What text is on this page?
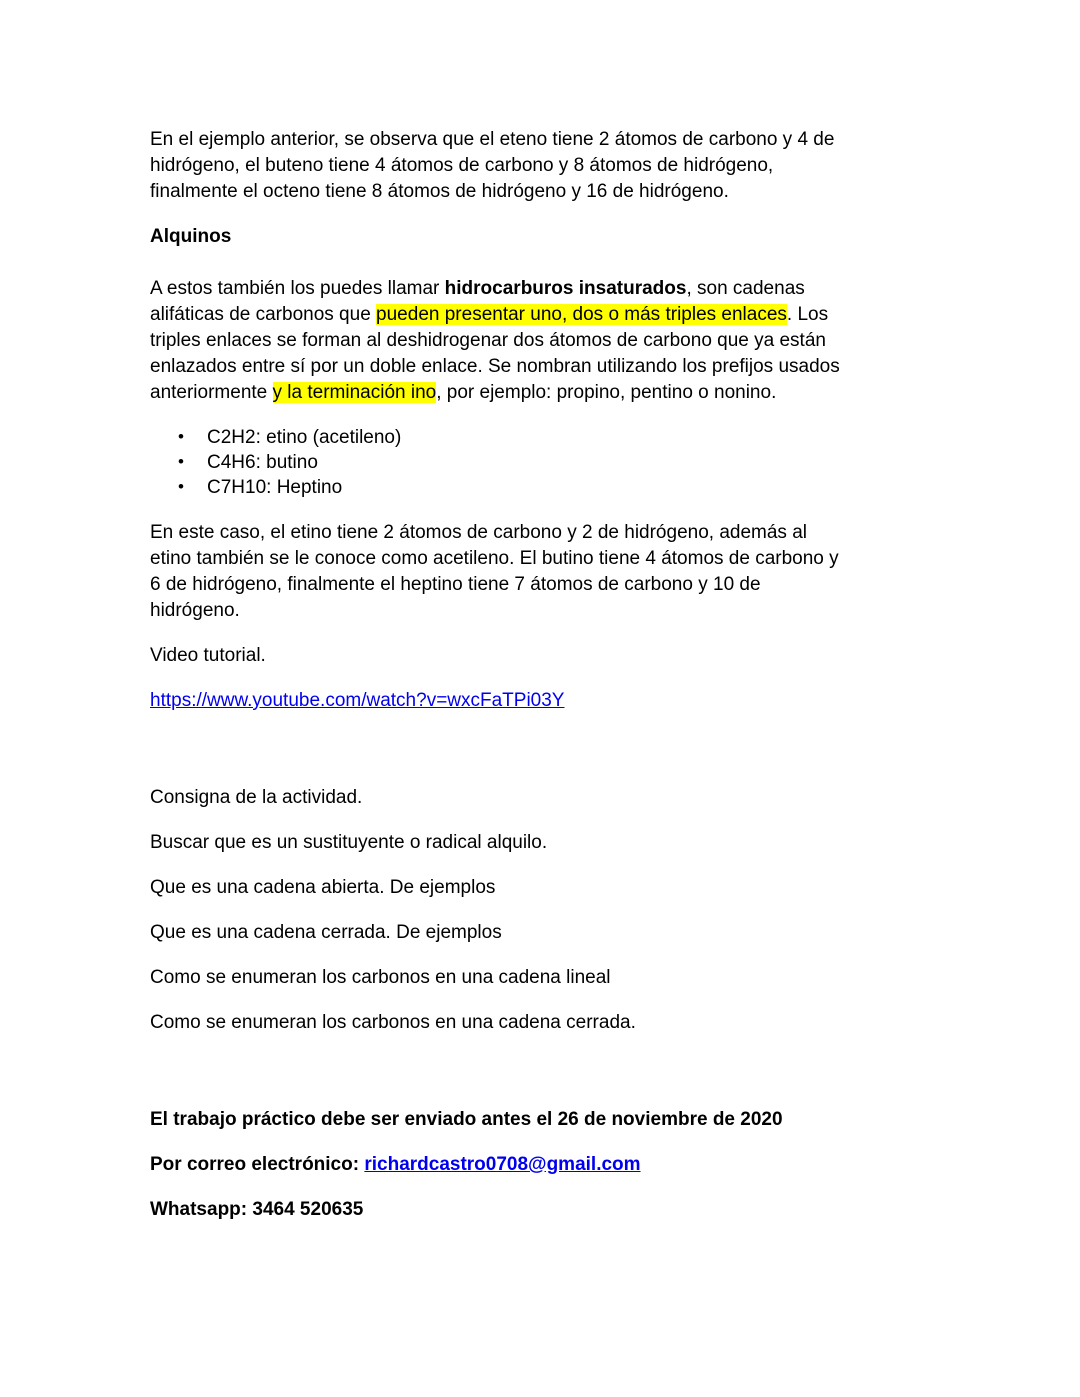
En el ejemplo anterior, se observa que el eteno tiene 2 átomos de carbono y 4 de
hidrógeno, el buteno tiene 4 átomos de carbono y 8 átomos de hidrógeno,
finalmente el octeno tiene 8 átomos de hidrógeno y 16 de hidrógeno.
Alquinos
A estos también los puedes llamar hidrocarburos insaturados, son cadenas
alifáticas de carbonos que pueden presentar uno, dos o más triples enlaces. Los
triples enlaces se forman al deshidrogenar dos átomos de carbono que ya están
enlazados entre sí por un doble enlace. Se nombran utilizando los prefijos usados
anteriormente y la terminación ino, por ejemplo: propino, pentino o nonino.
• C2H2: etino (acetileno)
• C4H6: butino
• C7H10: Heptino
En este caso, el etino tiene 2 átomos de carbono y 2 de hidrógeno, además al
etino también se le conoce como acetileno. El butino tiene 4 átomos de carbono y
6 de hidrógeno, finalmente el heptino tiene 7 átomos de carbono y 10 de
hidrógeno.
Video tutorial.
https://www.youtube.com/watch?v=wxcFaTPi03Y
Consigna de la actividad.
Buscar que es un sustituyente o radical alquilo.
Que es una cadena abierta. De ejemplos
Que es una cadena cerrada. De ejemplos
Como se enumeran los carbonos en una cadena lineal
Como se enumeran los carbonos en una cadena cerrada.
El trabajo práctico debe ser enviado antes el 26 de noviembre de 2020
Por correo electrónico: richardcastro0708@gmail.com
Whatsapp: 3464 520635
